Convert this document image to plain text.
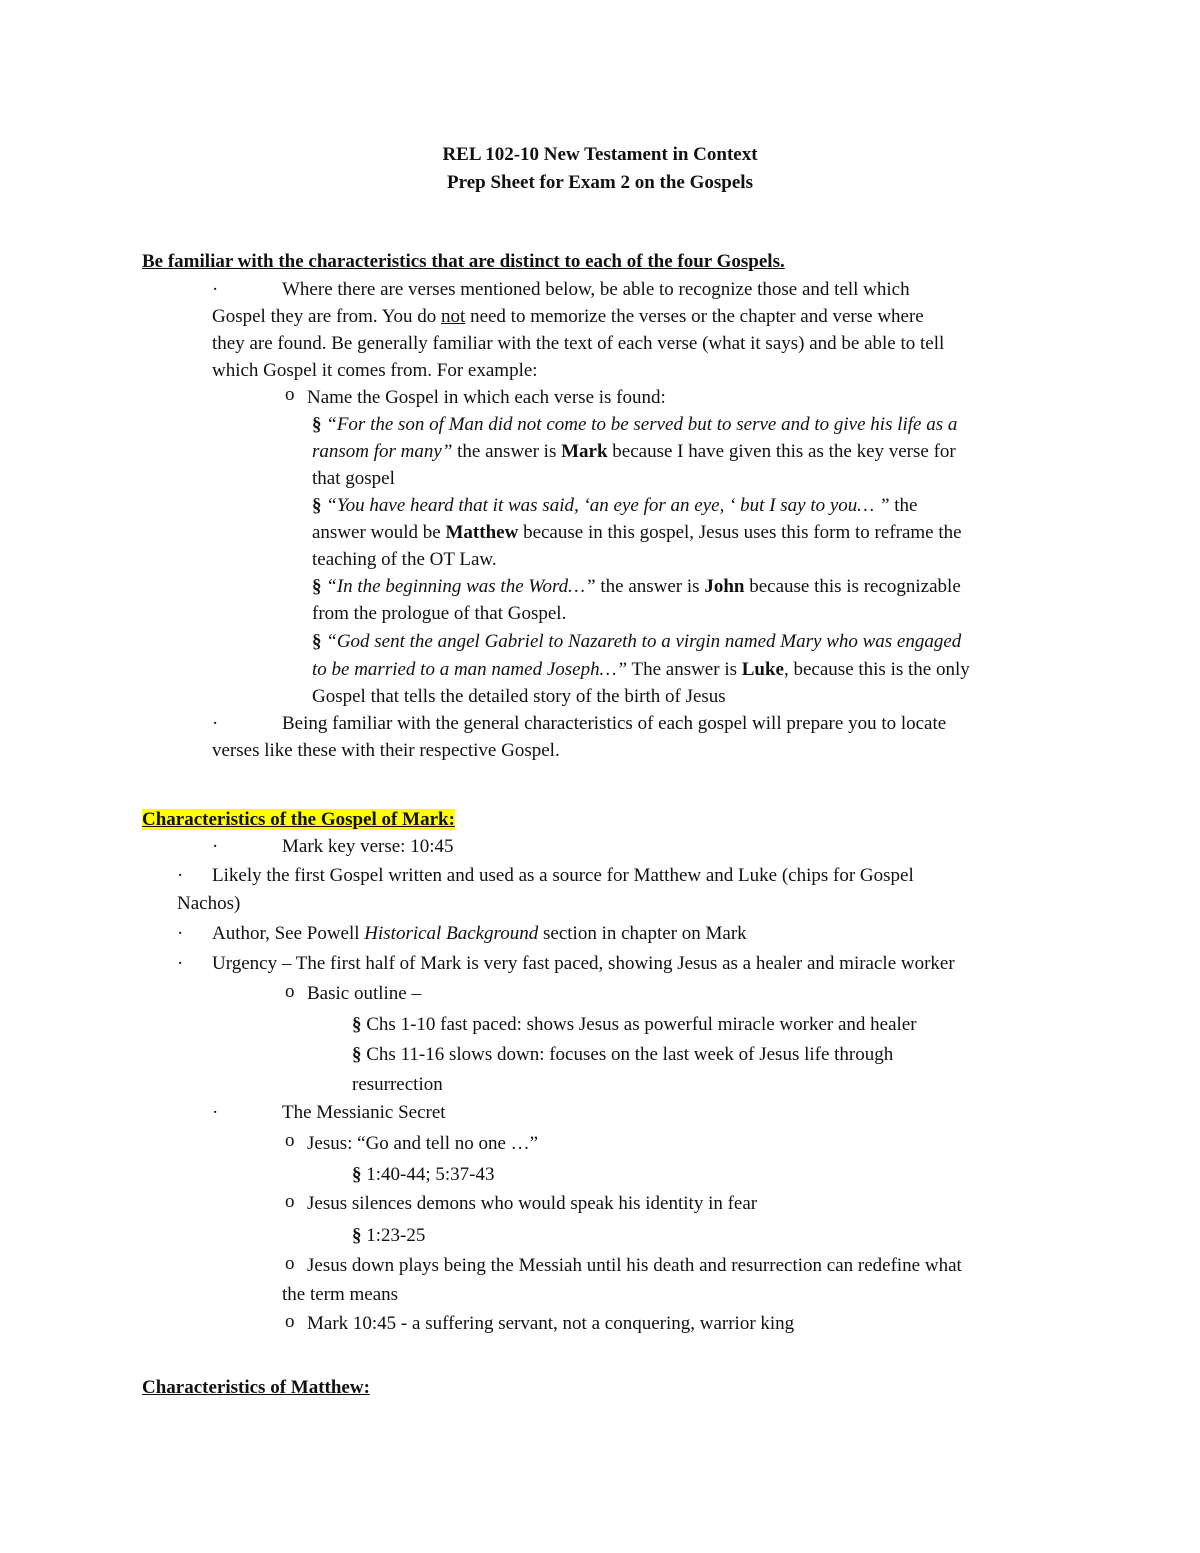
REL 102-10 New Testament in Context
Prep Sheet for Exam 2 on the Gospels
Be familiar with the characteristics that are distinct to each of the four Gospels.
·	Where there are verses mentioned below, be able to recognize those and tell which
Gospel they are from. You do not need to memorize the verses or the chapter and verse where
they are found. Be generally familiar with the text of each verse (what it says) and be able to tell
which Gospel it comes from. For example:
o Name the Gospel in which each verse is found:
§ “For the son of Man did not come to be served but to serve and to give his life as a
ransom for many” the answer is Mark because I have given this as the key verse for
that gospel
§ “You have heard that it was said, ‘an eye for an eye, ‘ but I say to you… ” the
answer would be Matthew because in this gospel, Jesus uses this form to reframe the
teaching of the OT Law.
§ “In the beginning was the Word…” the answer is John because this is recognizable
from the prologue of that Gospel.
§ “God sent the angel Gabriel to Nazareth to a virgin named Mary who was engaged
to be married to a man named Joseph…” The answer is Luke, because this is the only
Gospel that tells the detailed story of the birth of Jesus
·	Being familiar with the general characteristics of each gospel will prepare you to locate
verses like these with their respective Gospel.
Characteristics of the Gospel of Mark:
·	Mark key verse: 10:45
· Likely the first Gospel written and used as a source for Matthew and Luke (chips for Gospel
Nachos)
· Author, See Powell Historical Background section in chapter on Mark
· Urgency – The first half of Mark is very fast paced, showing Jesus as a healer and miracle worker
o Basic outline –
§ Chs 1-10 fast paced: shows Jesus as powerful miracle worker and healer
§ Chs 11-16 slows down: focuses on the last week of Jesus life through
resurrection
·	The Messianic Secret
o Jesus: “Go and tell no one …”
§ 1:40-44; 5:37-43
o Jesus silences demons who would speak his identity in fear
§ 1:23-25
o Jesus down plays being the Messiah until his death and resurrection can redefine what
the term means
o Mark 10:45 - a suffering servant, not a conquering, warrior king
Characteristics of Matthew:
